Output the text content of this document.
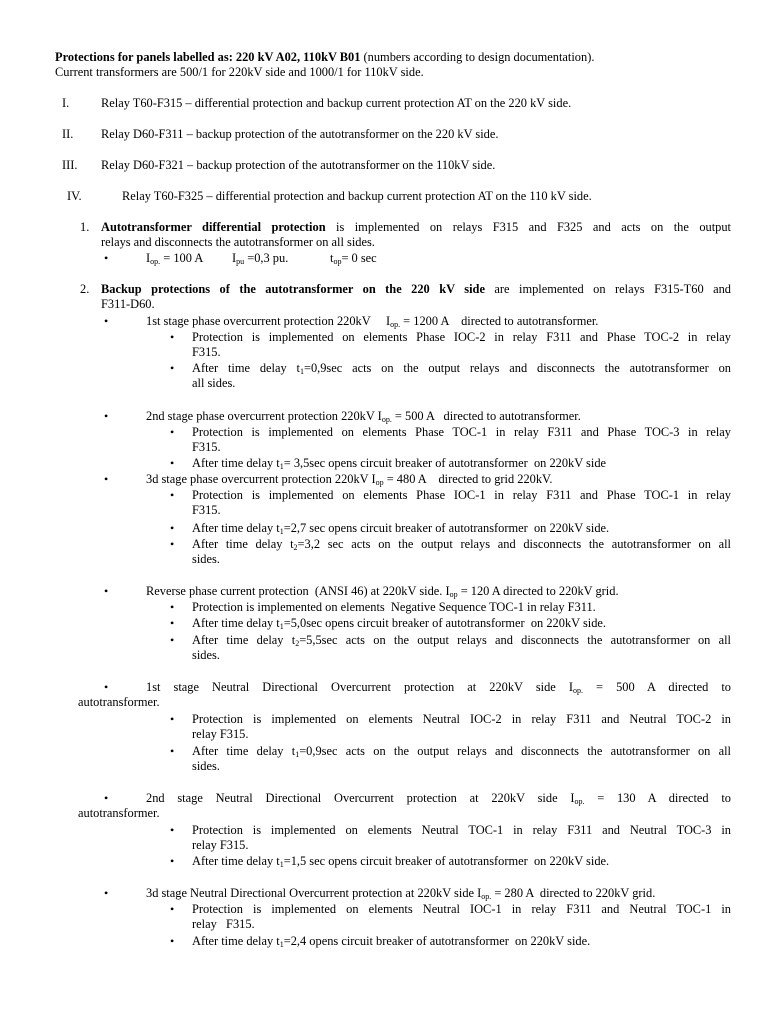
Protections for panels labelled as: 220 kV A02, 110kV B01 (numbers according to design documentation).
Current transformers are 500/1 for 220kV side and 1000/1 for 110kV side.
I.	Relay T60-F315 – differential protection and backup current protection AT on the 220 kV side.
II. Relay D60-F311 – backup protection of the autotransformer on the 220 kV side.
III. Relay D60-F321 – backup protection of the autotransformer on the 110kV side.
IV.	Relay T60-F325 – differential protection and backup current protection AT on the 110 kV side.
1. Autotransformer differential protection is implemented on relays F315 and F325 and acts on the output
relays and disconnects the autotransformer on all sides.
•	$I_{op.} = 100$ A $I_{pu} =0,3$ pu.	$t_{op}= 0$ sec
2. Backup protections of the autotransformer on the 220 kV side are implemented on relays F315-T60 and
F311-D60.
•	1st stage phase overcurrent protection 220kV     $I_{op.} = 1200$ A    directed to autotransformer.
• Protection is implemented on elements Phase IOC-2 in relay F311 and Phase TOC-2 in relay
F315.
• After time delay $t_1=0,9\sec$ acts on the output relays and disconnects the autotransformer on
all sides.
•	2nd stage phase overcurrent protection 220kV $I_{op.} = 500$ A   directed to autotransformer.
• Protection is implemented on elements Phase TOC-1 in relay F311 and Phase TOC-3 in relay
F315.
• After time delay $t_1= 3,5\sec$ opens circuit breaker of autotransformer  on 220kV side
•	3d stage phase overcurrent protection 220kV $I_{op} = 480$ A    directed to grid 220kV.
• Protection is implemented on elements Phase IOC-1 in relay F311 and Phase TOC-1 in relay
F315.
• After time delay $t_1=2,7$ sec opens circuit breaker of autotransformer  on 220kV side.
• After time delay $t_2=3,2$ sec acts on the output relays and disconnects the autotransformer on all
sides.
•	Reverse phase current protection  (ANSI 46) at 220kV side. $I_{op} = 120$ A directed to 220kV grid.
• Protection is implemented on elements  Negative Sequence TOC-1 in relay F311.
• After time delay $t_1=5,0\sec$ opens circuit breaker of autotransformer  on 220kV side.
• After time delay $t_2=5,5\sec$ acts on the output relays and disconnects the autotransformer on all
sides.
•	1st stage Neutral Directional Overcurrent protection at 220kV side $I_{op.} = 500$ A directed to
autotransformer.
• Protection is implemented on elements Neutral IOC-2 in relay F311 and Neutral TOC-2 in
relay F315.
• After time delay $t_1=0,9\sec$ acts on the output relays and disconnects the autotransformer on all
sides.
•	2nd stage Neutral Directional Overcurrent protection at 220kV side $I_{op.} = 130$ A directed to
autotransformer.
• Protection is implemented on elements Neutral TOC-1 in relay F311 and Neutral TOC-3 in
relay F315.
• After time delay $t_1=1,5$ sec opens circuit breaker of autotransformer  on 220kV side.
•	3d stage Neutral Directional Overcurrent protection at 220kV side $I_{op.} = 280$ A  directed to 220kV grid.
• Protection is implemented on elements Neutral IOC-1 in relay F311 and Neutral TOC-1 in
relay   F315.
• After time delay $t_1=2,4$ opens circuit breaker of autotransformer  on 220kV side.
